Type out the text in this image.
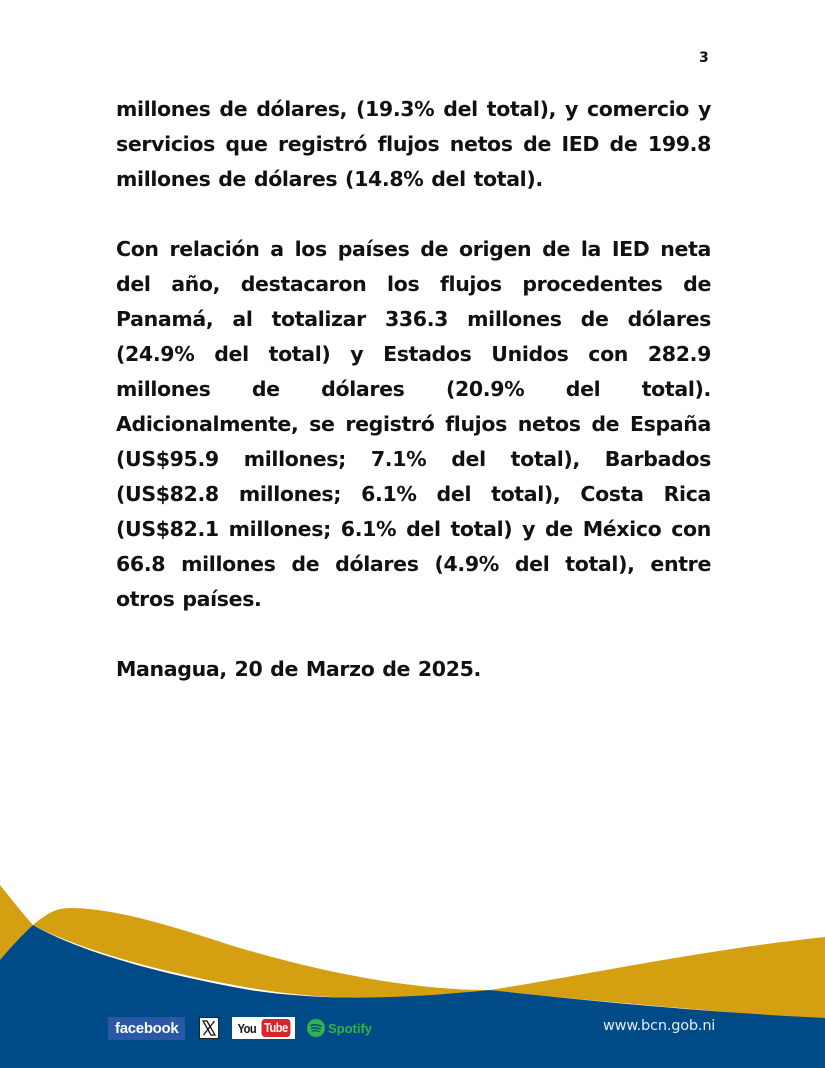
3

millones de dólares, (19.3% del total), y comercio y servicios que registró flujos netos de IED de 199.8 millones de dólares (14.8% del total).

Con relación a los países de origen de la IED neta del año, destacaron los flujos procedentes de Panamá, al totalizar 336.3 millones de dólares (24.9% del total) y Estados Unidos con 282.9 millones de dólares (20.9% del total). Adicionalmente, se registró flujos netos de España (US$95.9 millones; 7.1% del total), Barbados (US$82.8 millones; 6.1% del total), Costa Rica (US$82.1 millones; 6.1% del total) y de México con 66.8 millones de dólares (4.9% del total), entre otros países.

Managua, 20 de Marzo de 2025.

facebook	You Tube	Spotify	www.bcn.gob.ni
